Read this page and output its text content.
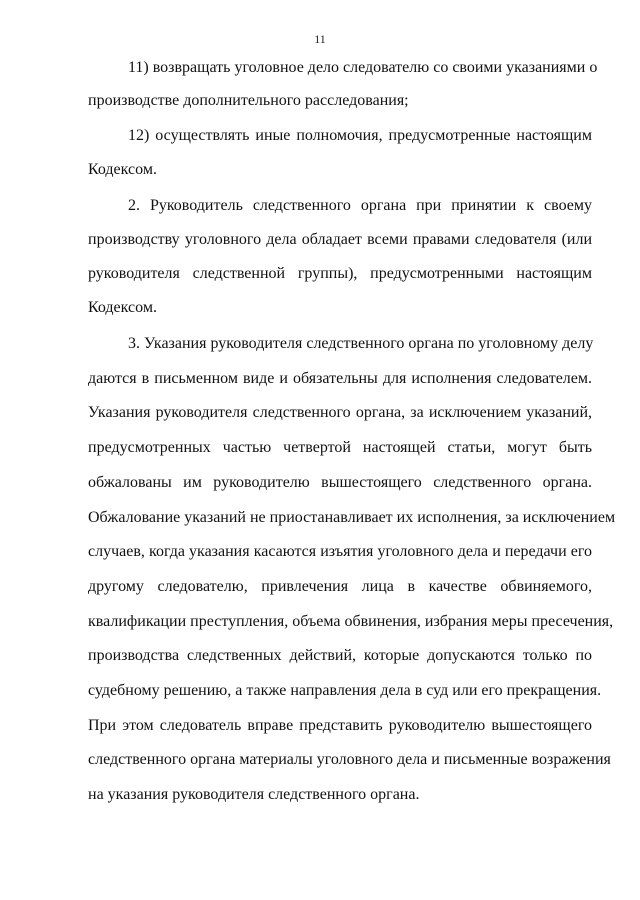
11
11) возвращать уголовное дело следователю со своими указаниями о
производстве дополнительного расследования;
12) осуществлять иные полномочия, предусмотренные настоящим
Кодексом.
2. Руководитель следственного органа при принятии к своему
производству уголовного дела обладает всеми правами следователя (или
руководителя следственной группы), предусмотренными настоящим
Кодексом.
3. Указания руководителя следственного органа по уголовному делу
даются в письменном виде и обязательны для исполнения следователем.
Указания руководителя следственного органа, за исключением указаний,
предусмотренных частью четвертой настоящей статьи, могут быть
обжалованы им руководителю вышестоящего следственного органа.
Обжалование указаний не приостанавливает их исполнения, за исключением
случаев, когда указания касаются изъятия уголовного дела и передачи его
другому следователю, привлечения лица в качестве обвиняемого,
квалификации преступления, объема обвинения, избрания меры пресечения,
производства следственных действий, которые допускаются только по
судебному решению, а также направления дела в суд или его прекращения.
При этом следователь вправе представить руководителю вышестоящего
следственного органа материалы уголовного дела и письменные возражения
на указания руководителя следственного органа.
